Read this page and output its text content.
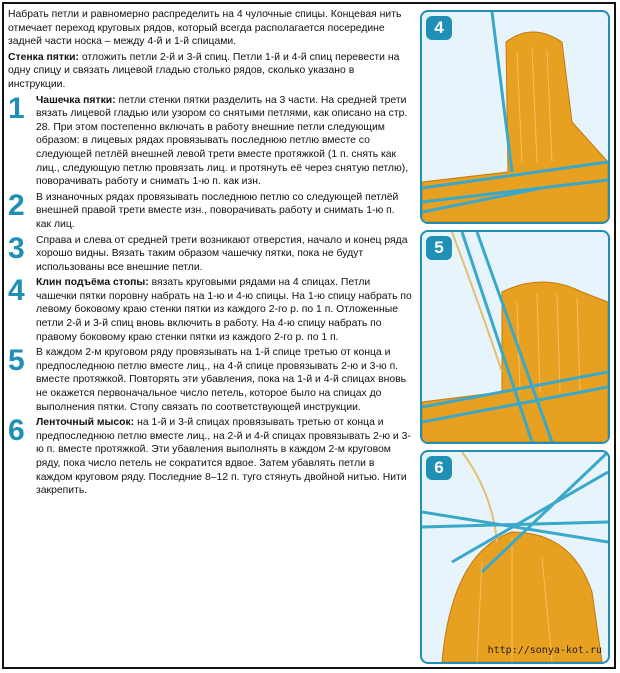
Набрать петли и равномерно распределить на 4 чулочные спицы. Концевая нить отмечает переход круговых рядов, который всегда располагается посередине задней части носка – между 4-й и 1-й спицами.

Стенка пятки: отложить петли 2-й и 3-й спиц. Петли 1-й и 4-й спиц перевести на одну спицу и связать лицевой гладью столько рядов, сколько указано в инструкции.

1	Чашечка пятки: петли стенки пятки разделить на 3 части. На средней трети вязать лицевой гладью или узором со снятыми петлями, как описано на стр. 28. При этом постепенно включать в работу внешние петли следующим образом: в лицевых рядах провязывать последнюю петлю вместе со следующей петлёй внешней левой трети вместе протяжкой (1 п. снять как лиц., следующую петлю провязать лиц. и протянуть её через снятую петлю), поворачивать работу и снимать 1-ю п. как изн.
2	В изнаночных рядах провязывать последнюю петлю со следующей петлёй внешней правой трети вместе изн., поворачивать работу и снимать 1-ю п. как лиц.
3	Справа и слева от средней трети возникают отверстия, начало и конец ряда хорошо видны. Вязать таким образом чашечку пятки, пока не будут использованы все внешние петли.
4	Клин подъёма стопы: вязать круговыми рядами на 4 спицах. Петли чашечки пятки поровну набрать на 1-ю и 4-ю спицы. На 1-ю спицу набрать по левому боковому краю стенки пятки из каждого 2-го р. по 1 п. Отложенные петли 2-й и 3-й спиц вновь включить в работу. На 4-ю спицу набрать по правому боковому краю стенки пятки из каждого 2-го р. по 1 п.
5	В каждом 2-м круговом ряду провязывать на 1-й спице третью от конца и предпоследнюю петлю вместе лиц., на 4-й спице провязывать 2-ю и 3-ю п. вместе протяжкой. Повторять эти убавления, пока на 1-й и 4-й спицах вновь не окажется первоначальное число петель, которое было на спицах до выполнения пятки. Стопу связать по соответствующей инструкции.
6	Ленточный мысок: на 1-й и 3-й спицах провязывать третью от конца и предпоследнюю петлю вместе лиц., на 2-й и 4-й спицах провязывать 2-ю и 3-ю п. вместе протяжкой. Эти убавления выполнять в каждом 2-м круговом ряду, пока число петель не сократится вдвое. Затем убавлять петли в каждом круговом ряду. Последние 8–12 п. туго стянуть двойной нитью. Нити закрепить.
4
5
6
http://sonya-kot.ru
